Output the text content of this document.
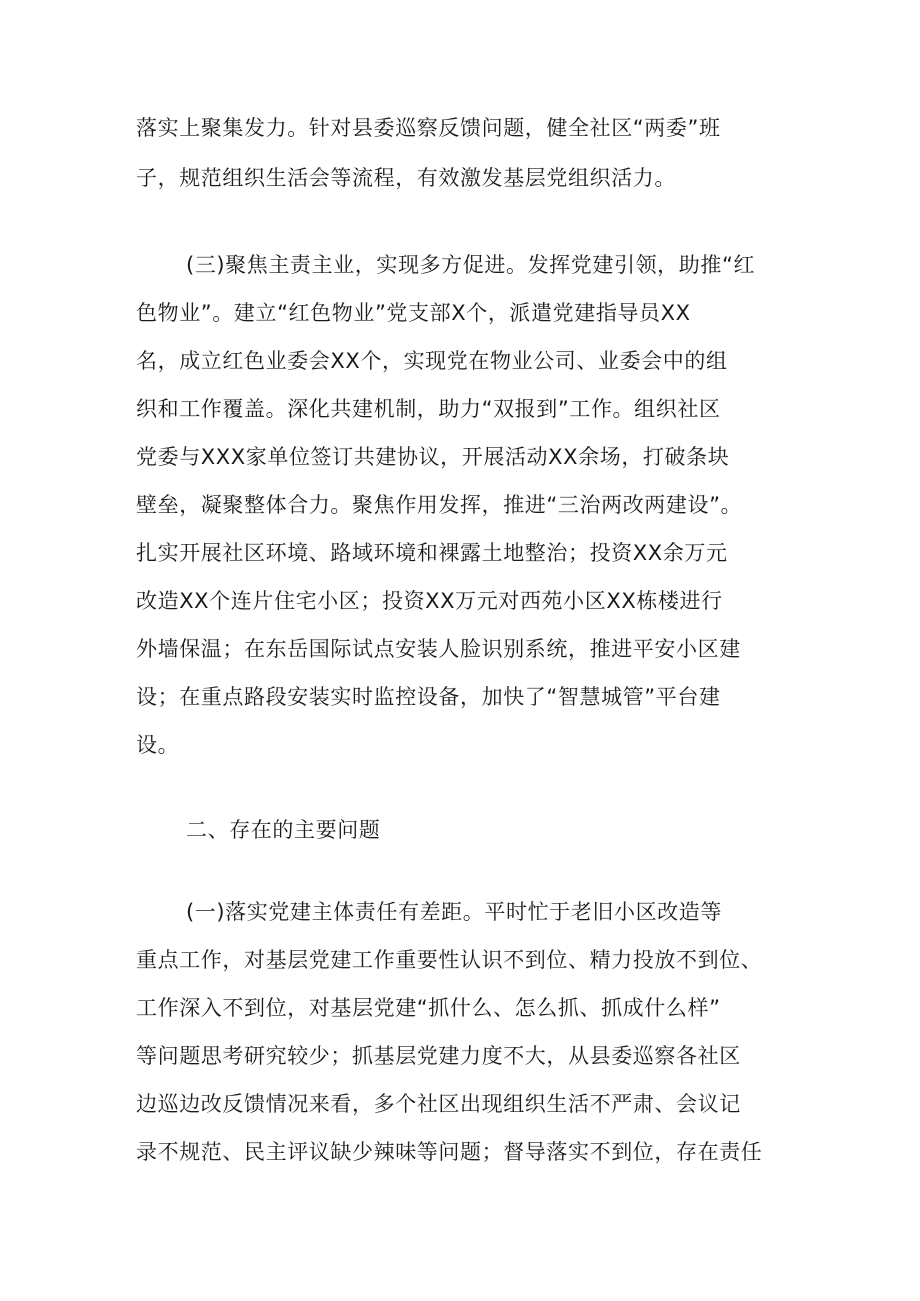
落实上聚集发力。针对县委巡察反馈问题，健全社区“两委”班
子，规范组织生活会等流程，有效激发基层党组织活力。
(三)聚焦主责主业，实现多方促进。发挥党建引领，助推“红
色物业”。建立“红色物业”党支部X个，派遣党建指导员XX
名，成立红色业委会XX个，实现党在物业公司、业委会中的组
织和工作覆盖。深化共建机制，助力“双报到”工作。组织社区
党委与XXX家单位签订共建协议，开展活动XX余场，打破条块
壁垒，凝聚整体合力。聚焦作用发挥，推进“三治两改两建设”。
扎实开展社区环境、路域环境和裸露土地整治；投资XX余万元
改造XX个连片住宅小区；投资XX万元对西苑小区XX栋楼进行
外墙保温；在东岳国际试点安装人脸识别系统，推进平安小区建
设；在重点路段安装实时监控设备，加快了“智慧城管”平台建
设。
二、存在的主要问题
(一)落实党建主体责任有差距。平时忙于老旧小区改造等
重点工作，对基层党建工作重要性认识不到位、精力投放不到位、
工作深入不到位，对基层党建“抓什么、怎么抓、抓成什么样”
等问题思考研究较少；抓基层党建力度不大，从县委巡察各社区
边巡边改反馈情况来看，多个社区出现组织生活不严肃、会议记
录不规范、民主评议缺少辣味等问题；督导落实不到位，存在责任
